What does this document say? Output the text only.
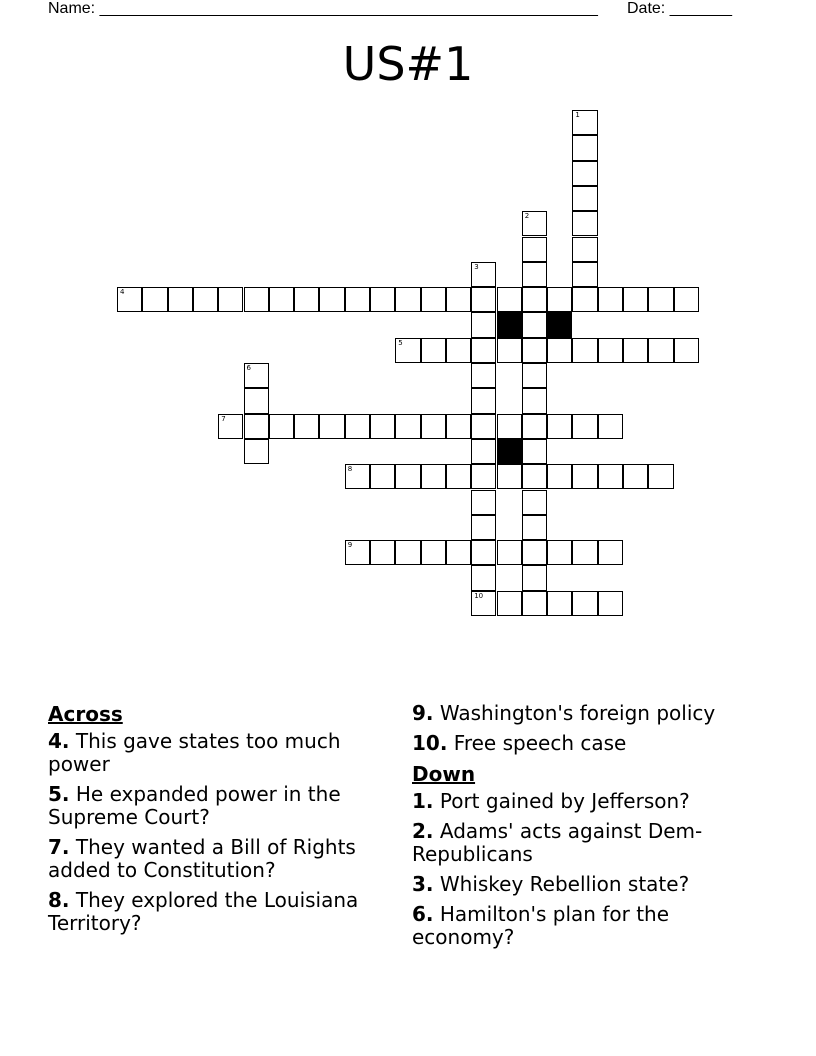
Name: ________________________________________________________ Date: _______
US#1
1
2
3
10
4
5
6
7
8
9
Across
4. This gave states too much power
5. He expanded power in the Supreme Court?
7. They wanted a Bill of Rights added to Constitution?
8. They explored the Louisiana Territory?
9. Washington's foreign policy
10. Free speech case
Down
1. Port gained by Jefferson?
2. Adams' acts against Dem-Republicans
3. Whiskey Rebellion state?
6. Hamilton's plan for the economy?
